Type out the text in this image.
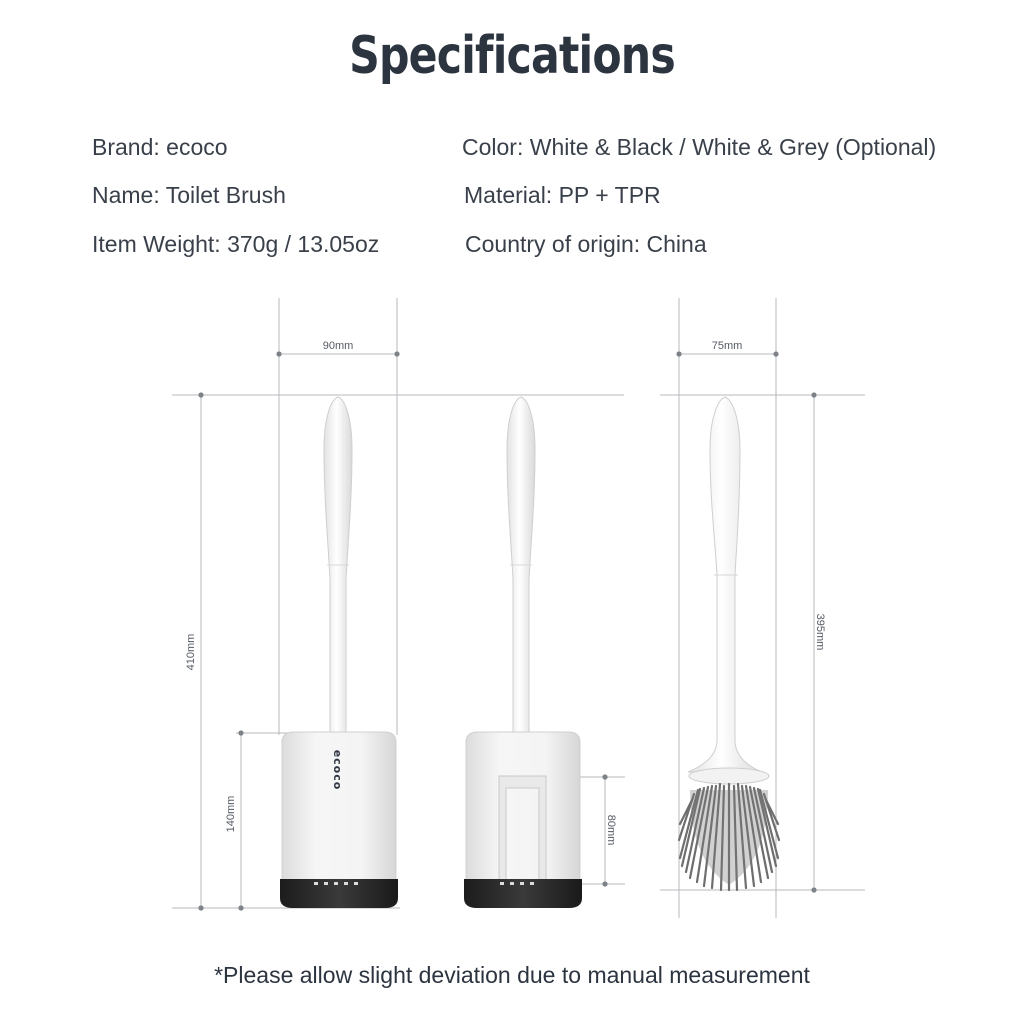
Specifications
Brand: ecoco	Color: White & Black / White & Grey (Optional)
Name: Toilet Brush	Material: PP + TPR
Item Weight: 370g / 13.05oz	Country of origin: China
90mm	75mm
410mm
140mm	80mm
395mm
ecoco
*Please allow slight deviation due to manual measurement
